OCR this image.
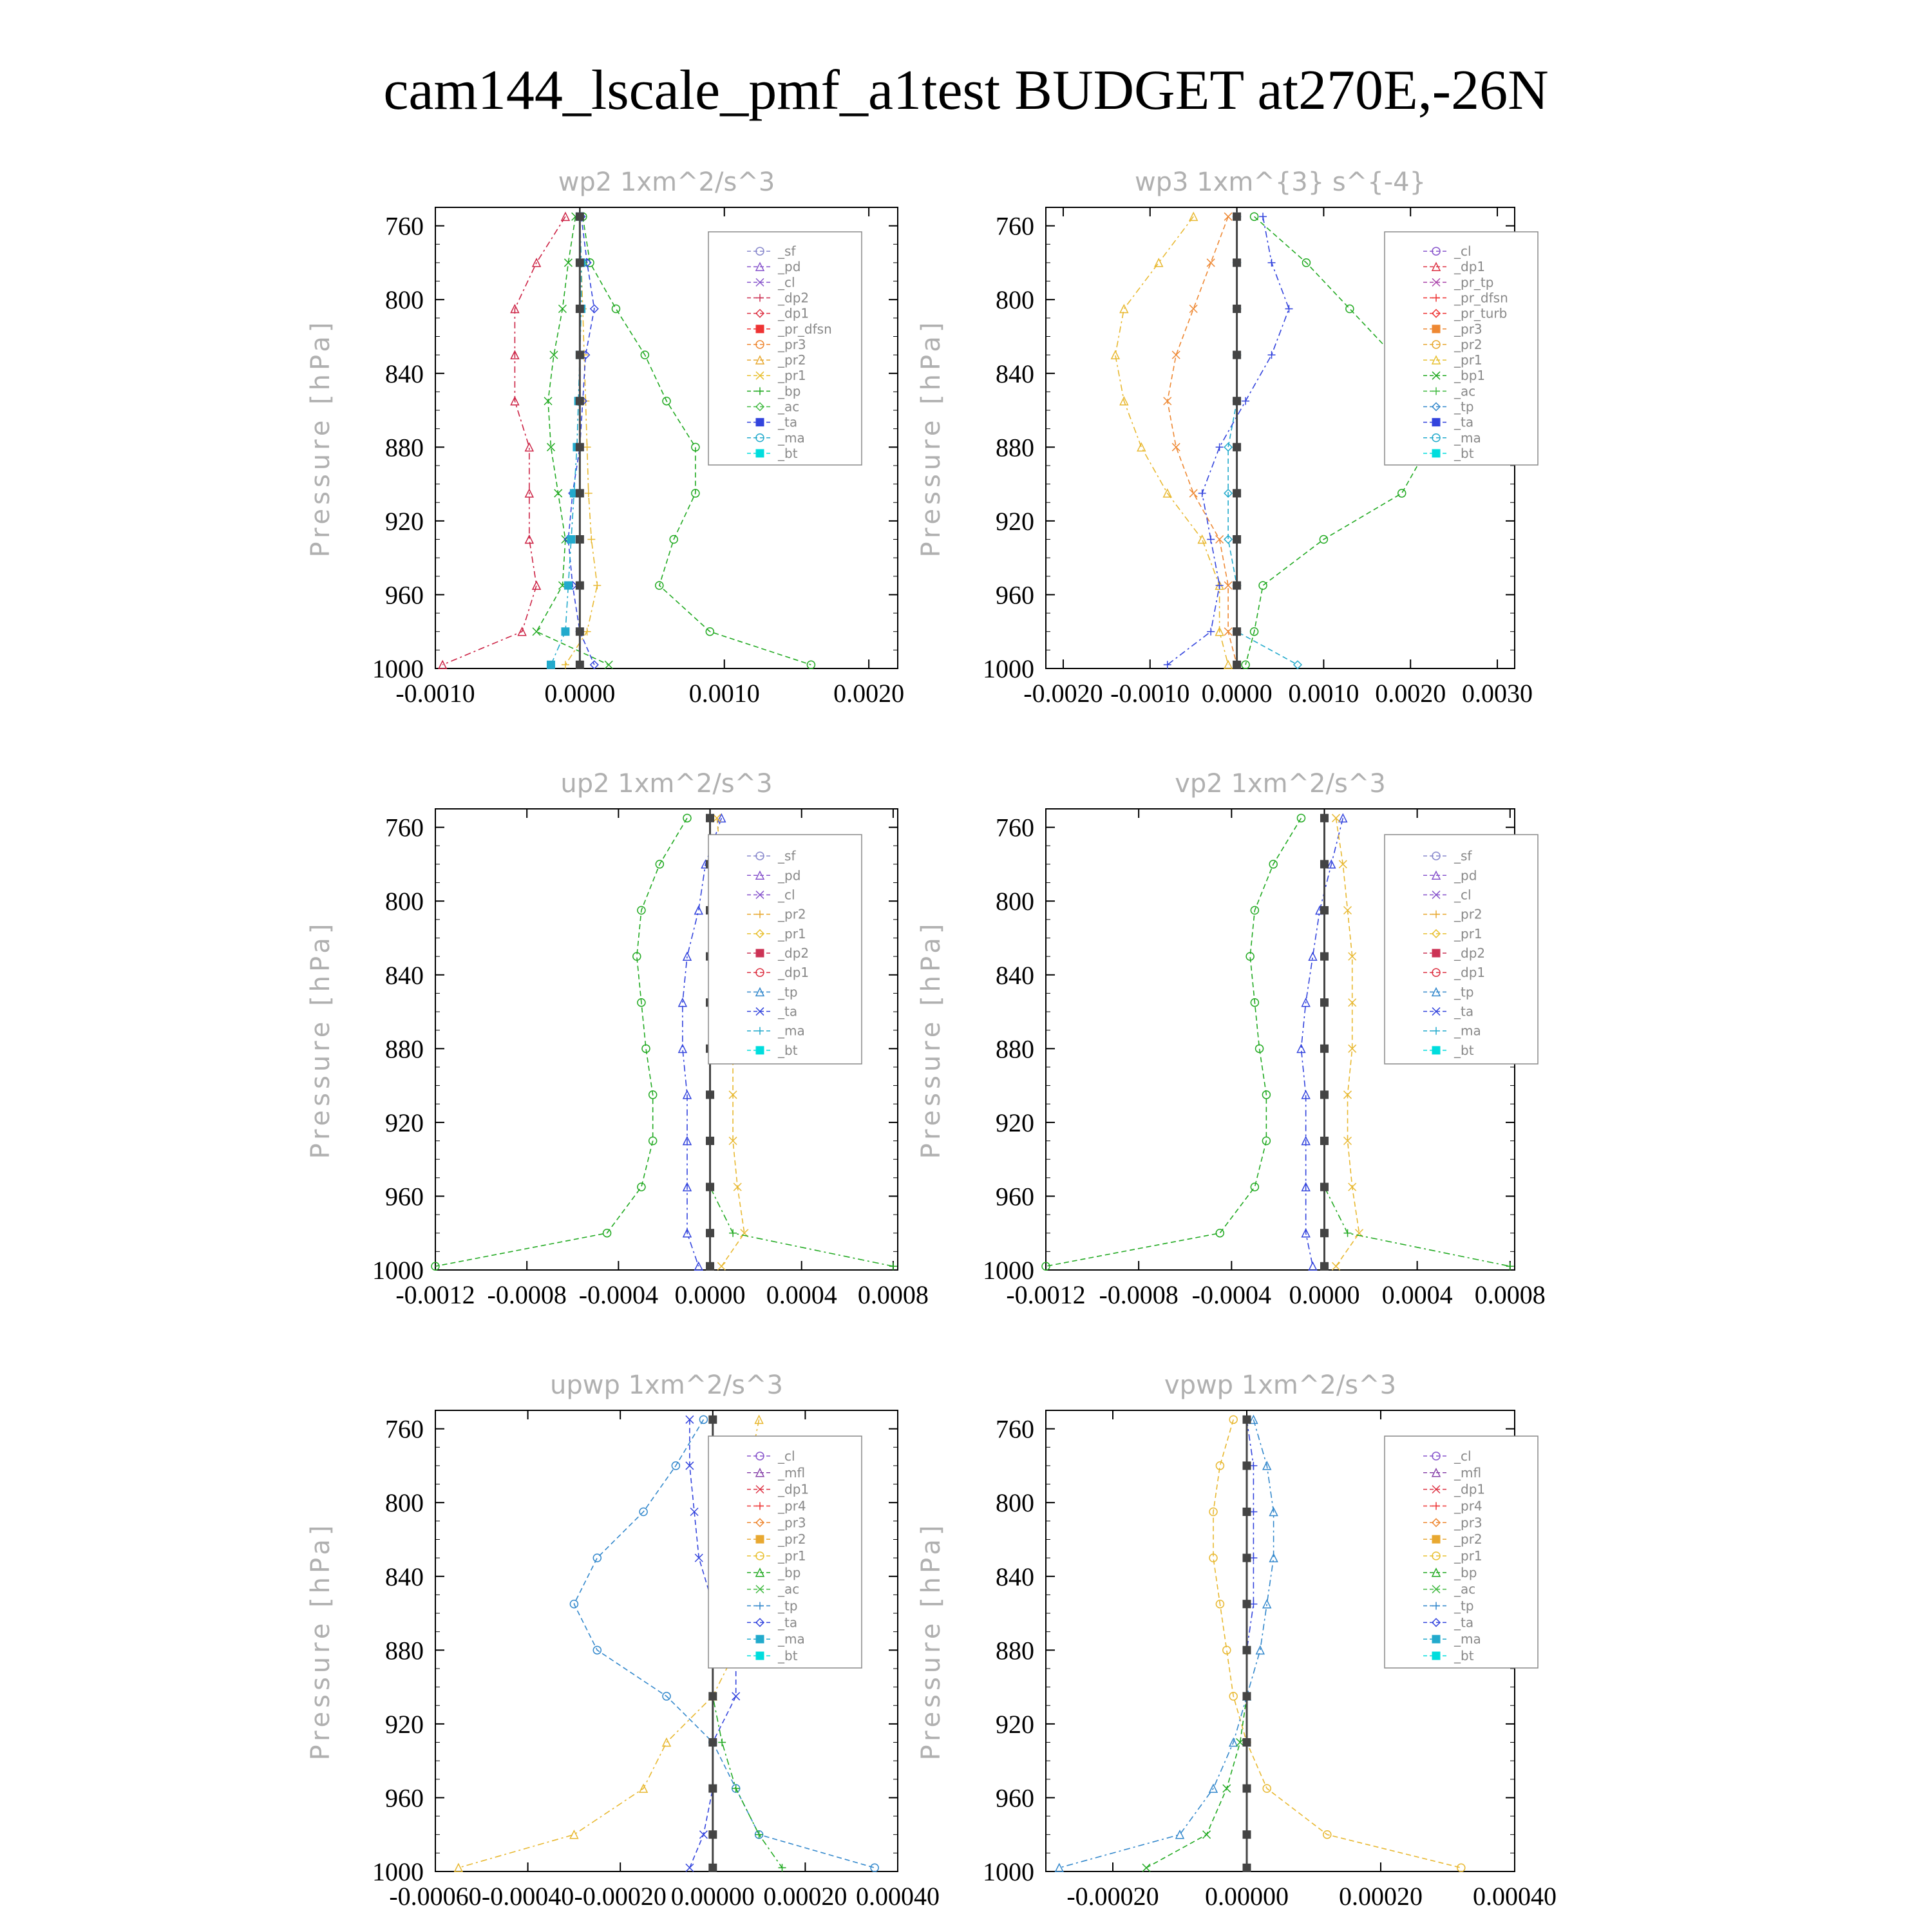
cam144_lscale_pmf_a1test BUDGET at270E,-26N
wp2 1xm^2/s^3
Pressure [hPa]
760
800
840
880
920
960
1000
-0.0010	0.0000	0.0010	0.0020
_sf
_pd
_cl
_dp2
_dp1
_pr_dfsn
_pr3
_pr2
_pr1
_bp
_ac
_ta
_ma
_bt
wp3 1xm^{3} s^{-4}
Pressure [hPa]
760
800
840
880
920
960
1000
-0.0020 -0.0010 0.0000 0.0010 0.0020 0.0030
_cl
_dp1
_pr_tp
_pr_dfsn
_pr_turb
_pr3
_pr2
_pr1
_bp1
_ac
_tp
_ta
_ma
_bt
up2 1xm^2/s^3
Pressure [hPa]
760
800
840
880
920
960
1000
-0.0012 -0.0008 -0.0004 0.0000 0.0004 0.0008
_sf
_pd
_cl
_pr2
_pr1
_dp2
_dp1
_tp
_ta
_ma
_bt
vp2 1xm^2/s^3
Pressure [hPa]
760
800
840
880
920
960
1000
-0.0012 -0.0008 -0.0004 0.0000 0.0004 0.0008
_sf
_pd
_cl
_pr2
_pr1
_dp2
_dp1
_tp
_ta
_ma
_bt
upwp 1xm^2/s^3
Pressure [hPa]
760
800
840
880
920
960
1000
-0.00060 -0.00040 -0.00020 0.00000 0.00020 0.00040
_cl
_mfl
_dp1
_pr4
_pr3
_pr2
_pr1
_bp
_ac
_tp
_ta
_ma
_bt
vpwp 1xm^2/s^3
Pressure [hPa]
760
800
840
880
920
960
1000
-0.00020 0.00000 0.00020 0.00040
_cl
_mfl
_dp1
_pr4
_pr3
_pr2
_pr1
_bp
_ac
_tp
_ta
_ma
_bt
